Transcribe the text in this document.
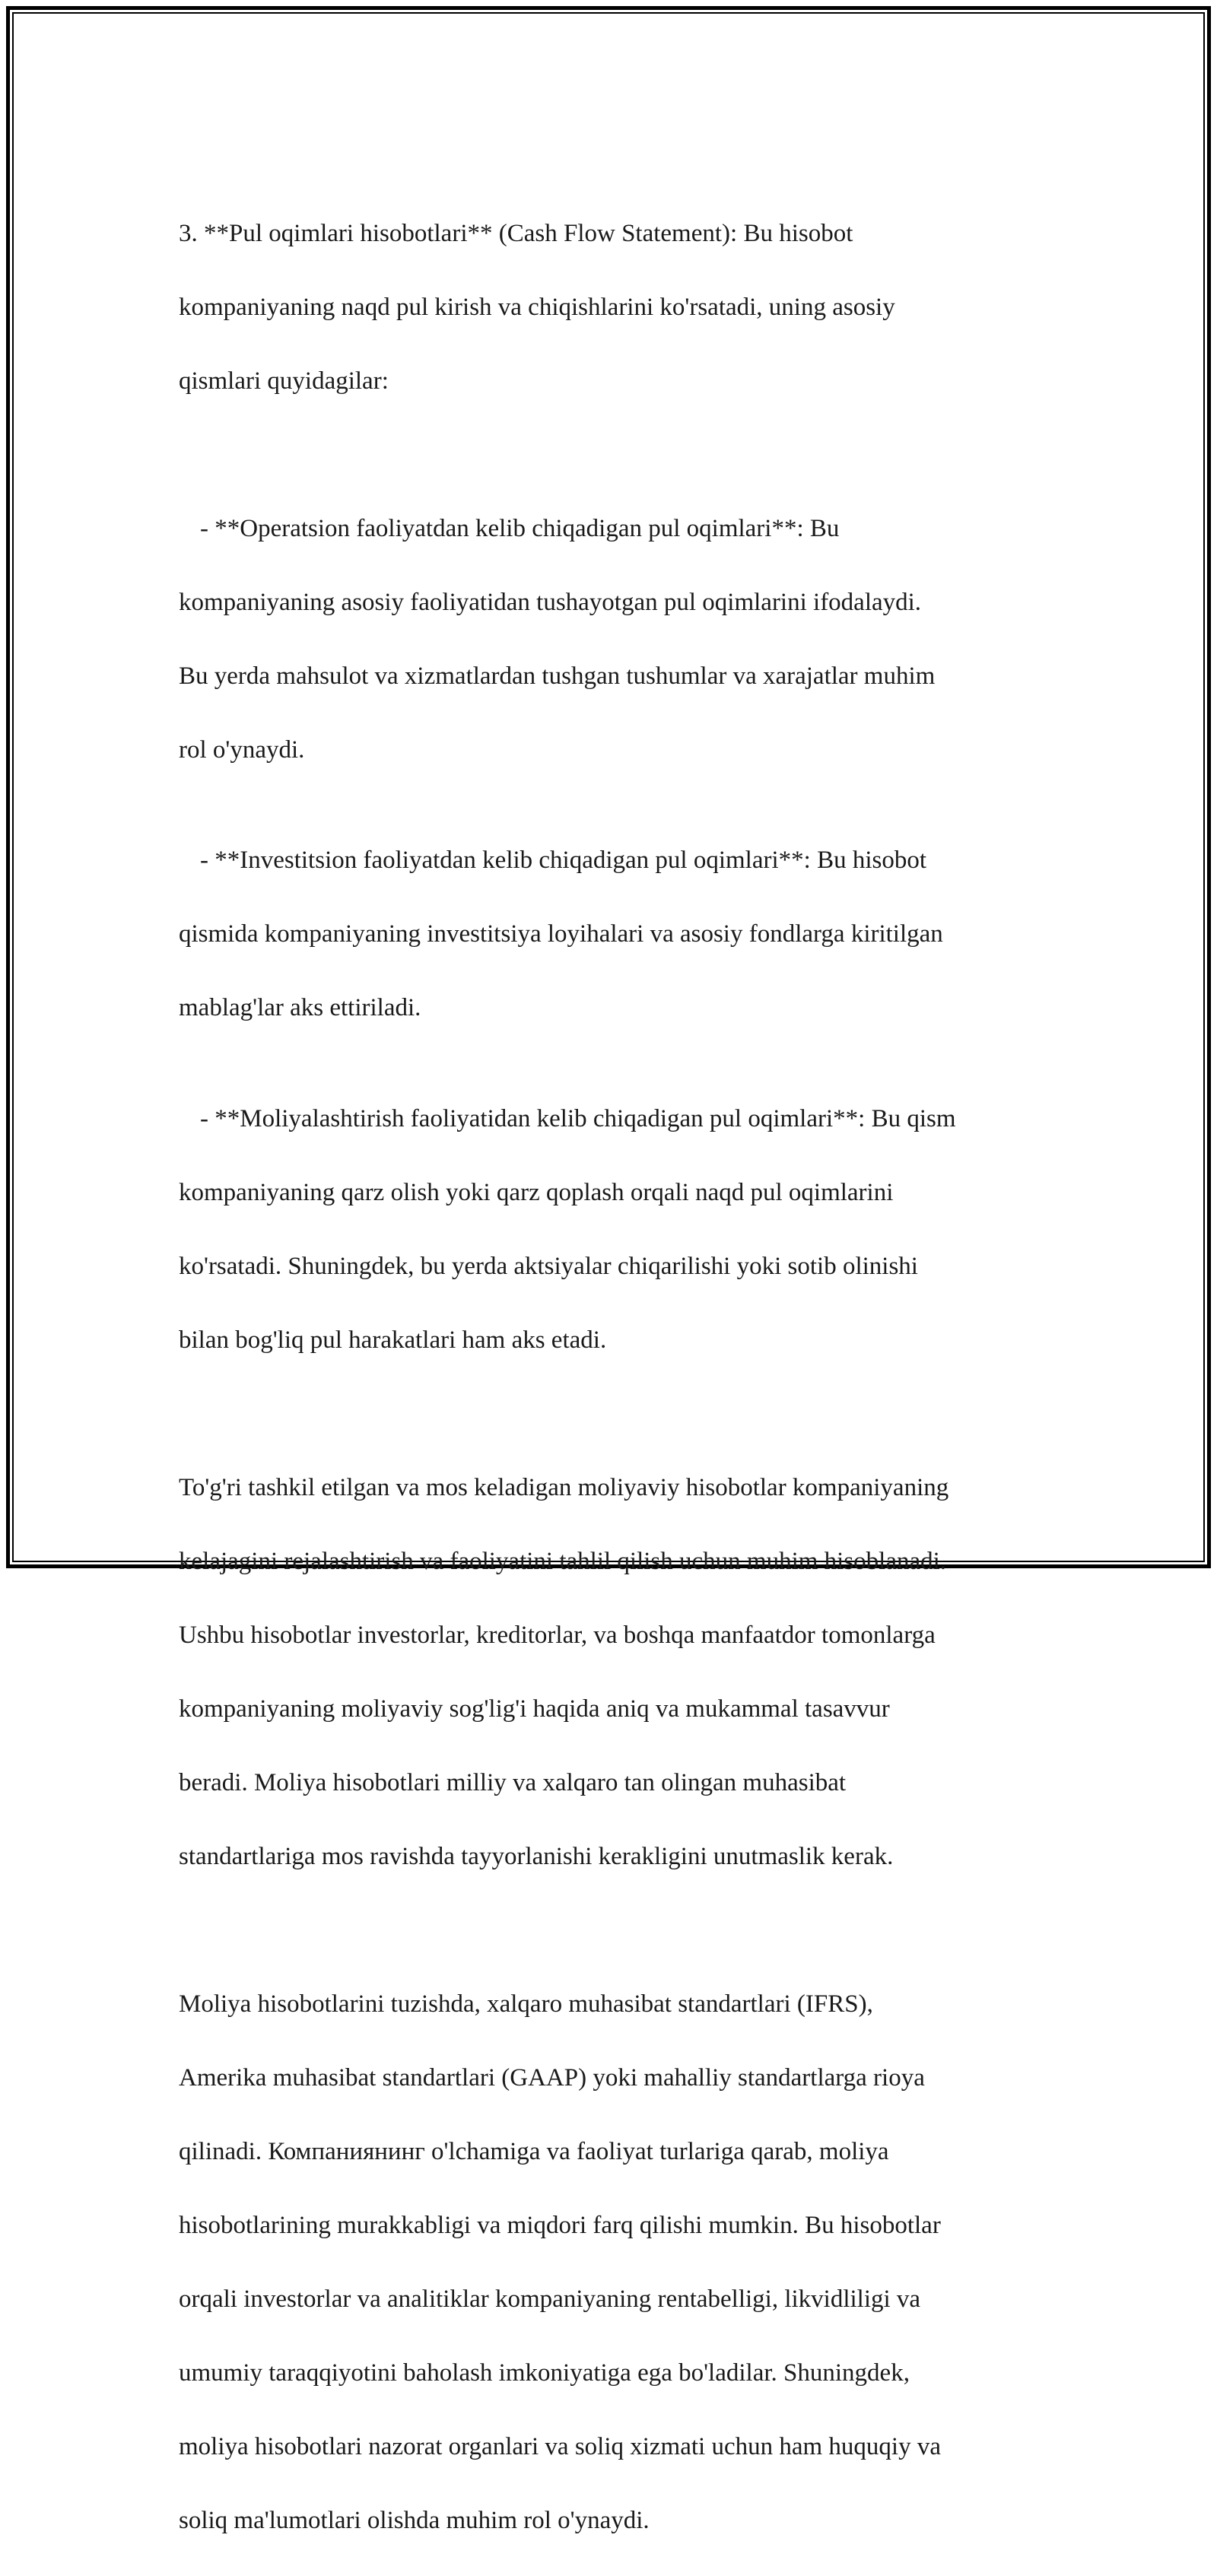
3. **Pul oqimlari hisobotlari** (Cash Flow Statement): Bu hisobot

kompaniyaning naqd pul kirish va chiqishlarini ko'rsatadi, uning asosiy

qismlari quyidagilar:

- **Operatsion faoliyatdan kelib chiqadigan pul oqimlari**: Bu

kompaniyaning asosiy faoliyatidan tushayotgan pul oqimlarini ifodalaydi.

Bu yerda mahsulot va xizmatlardan tushgan tushumlar va xarajatlar muhim

rol o'ynaydi.

- **Investitsion faoliyatdan kelib chiqadigan pul oqimlari**: Bu hisobot

qismida kompaniyaning investitsiya loyihalari va asosiy fondlarga kiritilgan

mablag'lar aks ettiriladi.

- **Moliyalashtirish faoliyatidan kelib chiqadigan pul oqimlari**: Bu qism

kompaniyaning qarz olish yoki qarz qoplash orqali naqd pul oqimlarini

ko'rsatadi. Shuningdek, bu yerda aktsiyalar chiqarilishi yoki sotib olinishi

bilan bog'liq pul harakatlari ham aks etadi.

To'g'ri tashkil etilgan va mos keladigan moliyaviy hisobotlar kompaniyaning

kelajagini rejalashtirish va faoliyatini tahlil qilish uchun muhim hisoblanadi.

Ushbu hisobotlar investorlar, kreditorlar, va boshqa manfaatdor tomonlarga

kompaniyaning moliyaviy sog'lig'i haqida aniq va mukammal tasavvur

beradi. Moliya hisobotlari milliy va xalqaro tan olingan muhasibat

standartlariga mos ravishda tayyorlanishi kerakligini unutmaslik kerak.

Moliya hisobotlarini tuzishda, xalqaro muhasibat standartlari (IFRS),

Amerika muhasibat standartlari (GAAP) yoki mahalliy standartlarga rioya

qilinadi. Компаниянинг o'lchamiga va faoliyat turlariga qarab, moliya

hisobotlarining murakkabligi va miqdori farq qilishi mumkin. Bu hisobotlar

orqali investorlar va analitiklar kompaniyaning rentabelligi, likvidliligi va

umumiy taraqqiyotini baholash imkoniyatiga ega bo'ladilar. Shuningdek,

moliya hisobotlari nazorat organlari va soliq xizmati uchun ham huquqiy va

soliq ma'lumotlari olishda muhim rol o'ynaydi.
